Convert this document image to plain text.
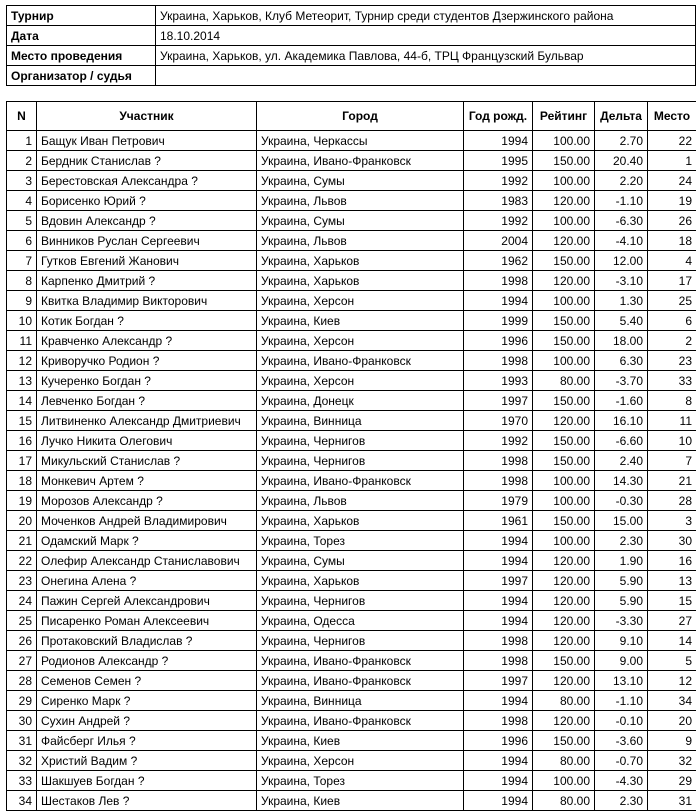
Турнир	Украина, Харьков, Клуб Метеорит, Турнир среди студентов Дзержинского района
Дата	18.10.2014
Место проведения	Украина, Харьков, ул. Академика Павлова, 44-б, ТРЦ Французский Бульвар
Организатор / судья	
N	Участник	Город	Год рожд.	Рейтинг	Дельта	Место
1	Бащук Иван Петрович	Украина, Черкассы	1994	100.00	2.70	22
2	Бердник Станислав ?	Украина, Ивано-Франковск	1995	150.00	20.40	1
3	Берестовская Александра ?	Украина, Сумы	1992	100.00	2.20	24
4	Борисенко Юрий ?	Украина, Львов	1983	120.00	-1.10	19
5	Вдовин Александр ?	Украина, Сумы	1992	100.00	-6.30	26
6	Винников Руслан Сергеевич	Украина, Львов	2004	120.00	-4.10	18
7	Гутков Евгений Жанович	Украина, Харьков	1962	150.00	12.00	4
8	Карпенко Дмитрий ?	Украина, Харьков	1998	120.00	-3.10	17
9	Квитка Владимир Викторович	Украина, Херсон	1994	100.00	1.30	25
10	Котик Богдан ?	Украина, Киев	1999	150.00	5.40	6
11	Кравченко Александр ?	Украина, Херсон	1996	150.00	18.00	2
12	Криворучко Родион ?	Украина, Ивано-Франковск	1998	100.00	6.30	23
13	Кучеренко Богдан ?	Украина, Херсон	1993	80.00	-3.70	33
14	Левченко Богдан ?	Украина, Донецк	1997	150.00	-1.60	8
15	Литвиненко Александр Дмитриевич	Украина, Винница	1970	120.00	16.10	11
16	Лучко Никита Олегович	Украина, Чернигов	1992	150.00	-6.60	10
17	Микульский Станислав ?	Украина, Чернигов	1998	150.00	2.40	7
18	Монкевич Артем ?	Украина, Ивано-Франковск	1998	100.00	14.30	21
19	Морозов Александр ?	Украина, Львов	1979	100.00	-0.30	28
20	Моченков Андрей Владимирович	Украина, Харьков	1961	150.00	15.00	3
21	Одамский Марк ?	Украина, Торез	1994	100.00	2.30	30
22	Олефир Александр Станиславович	Украина, Сумы	1994	120.00	1.90	16
23	Онегина Алена ?	Украина, Харьков	1997	120.00	5.90	13
24	Пажин Сергей Александрович	Украина, Чернигов	1994	120.00	5.90	15
25	Писаренко Роман Алексеевич	Украина, Одесса	1994	120.00	-3.30	27
26	Протаковский Владислав ?	Украина, Чернигов	1998	120.00	9.10	14
27	Родионов Александр ?	Украина, Ивано-Франковск	1998	150.00	9.00	5
28	Семенов Семен ?	Украина, Ивано-Франковск	1997	120.00	13.10	12
29	Сиренко Марк ?	Украина, Винница	1994	80.00	-1.10	34
30	Сухин Андрей ?	Украина, Ивано-Франковск	1998	120.00	-0.10	20
31	Файсберг Илья ?	Украина, Киев	1996	150.00	-3.60	9
32	Христий Вадим ?	Украина, Херсон	1994	80.00	-0.70	32
33	Шакшуев Богдан ?	Украина, Торез	1994	100.00	-4.30	29
34	Шестаков Лев ?	Украина, Киев	1994	80.00	2.30	31
